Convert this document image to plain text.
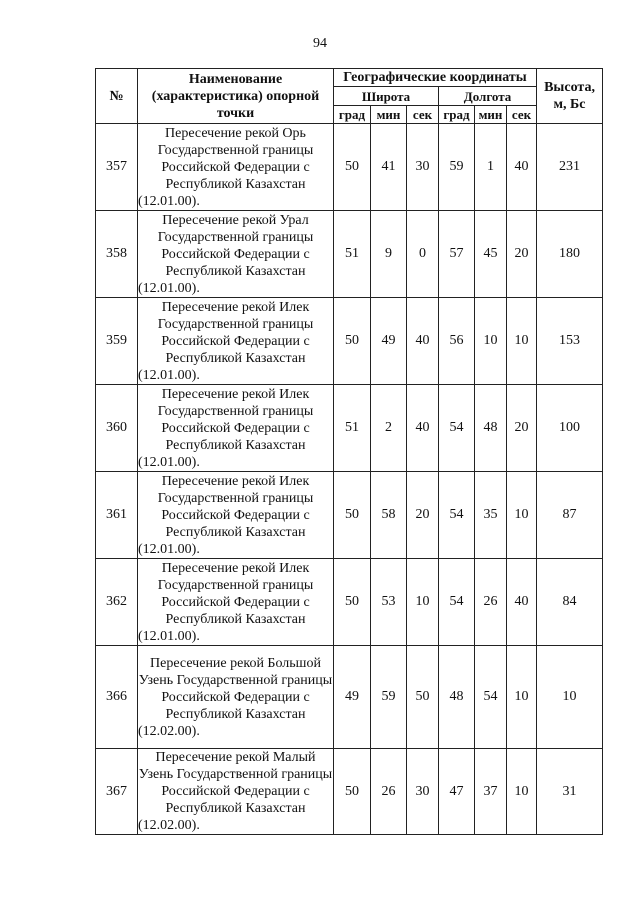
94
№	Наименование (характеристика) опорной точки	Географические координаты						Высота, м, Бс
		Широта			Долгота			
		град	мин	сек	град	мин	сек	
357	Пересечение рекой Орь Государственной границы Российской Федерации с Республикой Казахстан (12.01.00).	50	41	30	59	1	40	231
358	Пересечение рекой Урал Государственной границы Российской Федерации с Республикой Казахстан (12.01.00).	51	9	0	57	45	20	180
359	Пересечение рекой Илек Государственной границы Российской Федерации с Республикой Казахстан (12.01.00).	50	49	40	56	10	10	153
360	Пересечение рекой Илек Государственной границы Российской Федерации с Республикой Казахстан (12.01.00).	51	2	40	54	48	20	100
361	Пересечение рекой Илек Государственной границы Российской Федерации с Республикой Казахстан (12.01.00).	50	58	20	54	35	10	87
362	Пересечение рекой Илек Государственной границы Российской Федерации с Республикой Казахстан (12.01.00).	50	53	10	54	26	40	84
366	Пересечение рекой Большой Узень Государственной границы Российской Федерации с Республикой Казахстан (12.02.00).	49	59	50	48	54	10	10
367	Пересечение рекой Малый Узень Государственной границы Российской Федерации с Республикой Казахстан (12.02.00).	50	26	30	47	37	10	31
